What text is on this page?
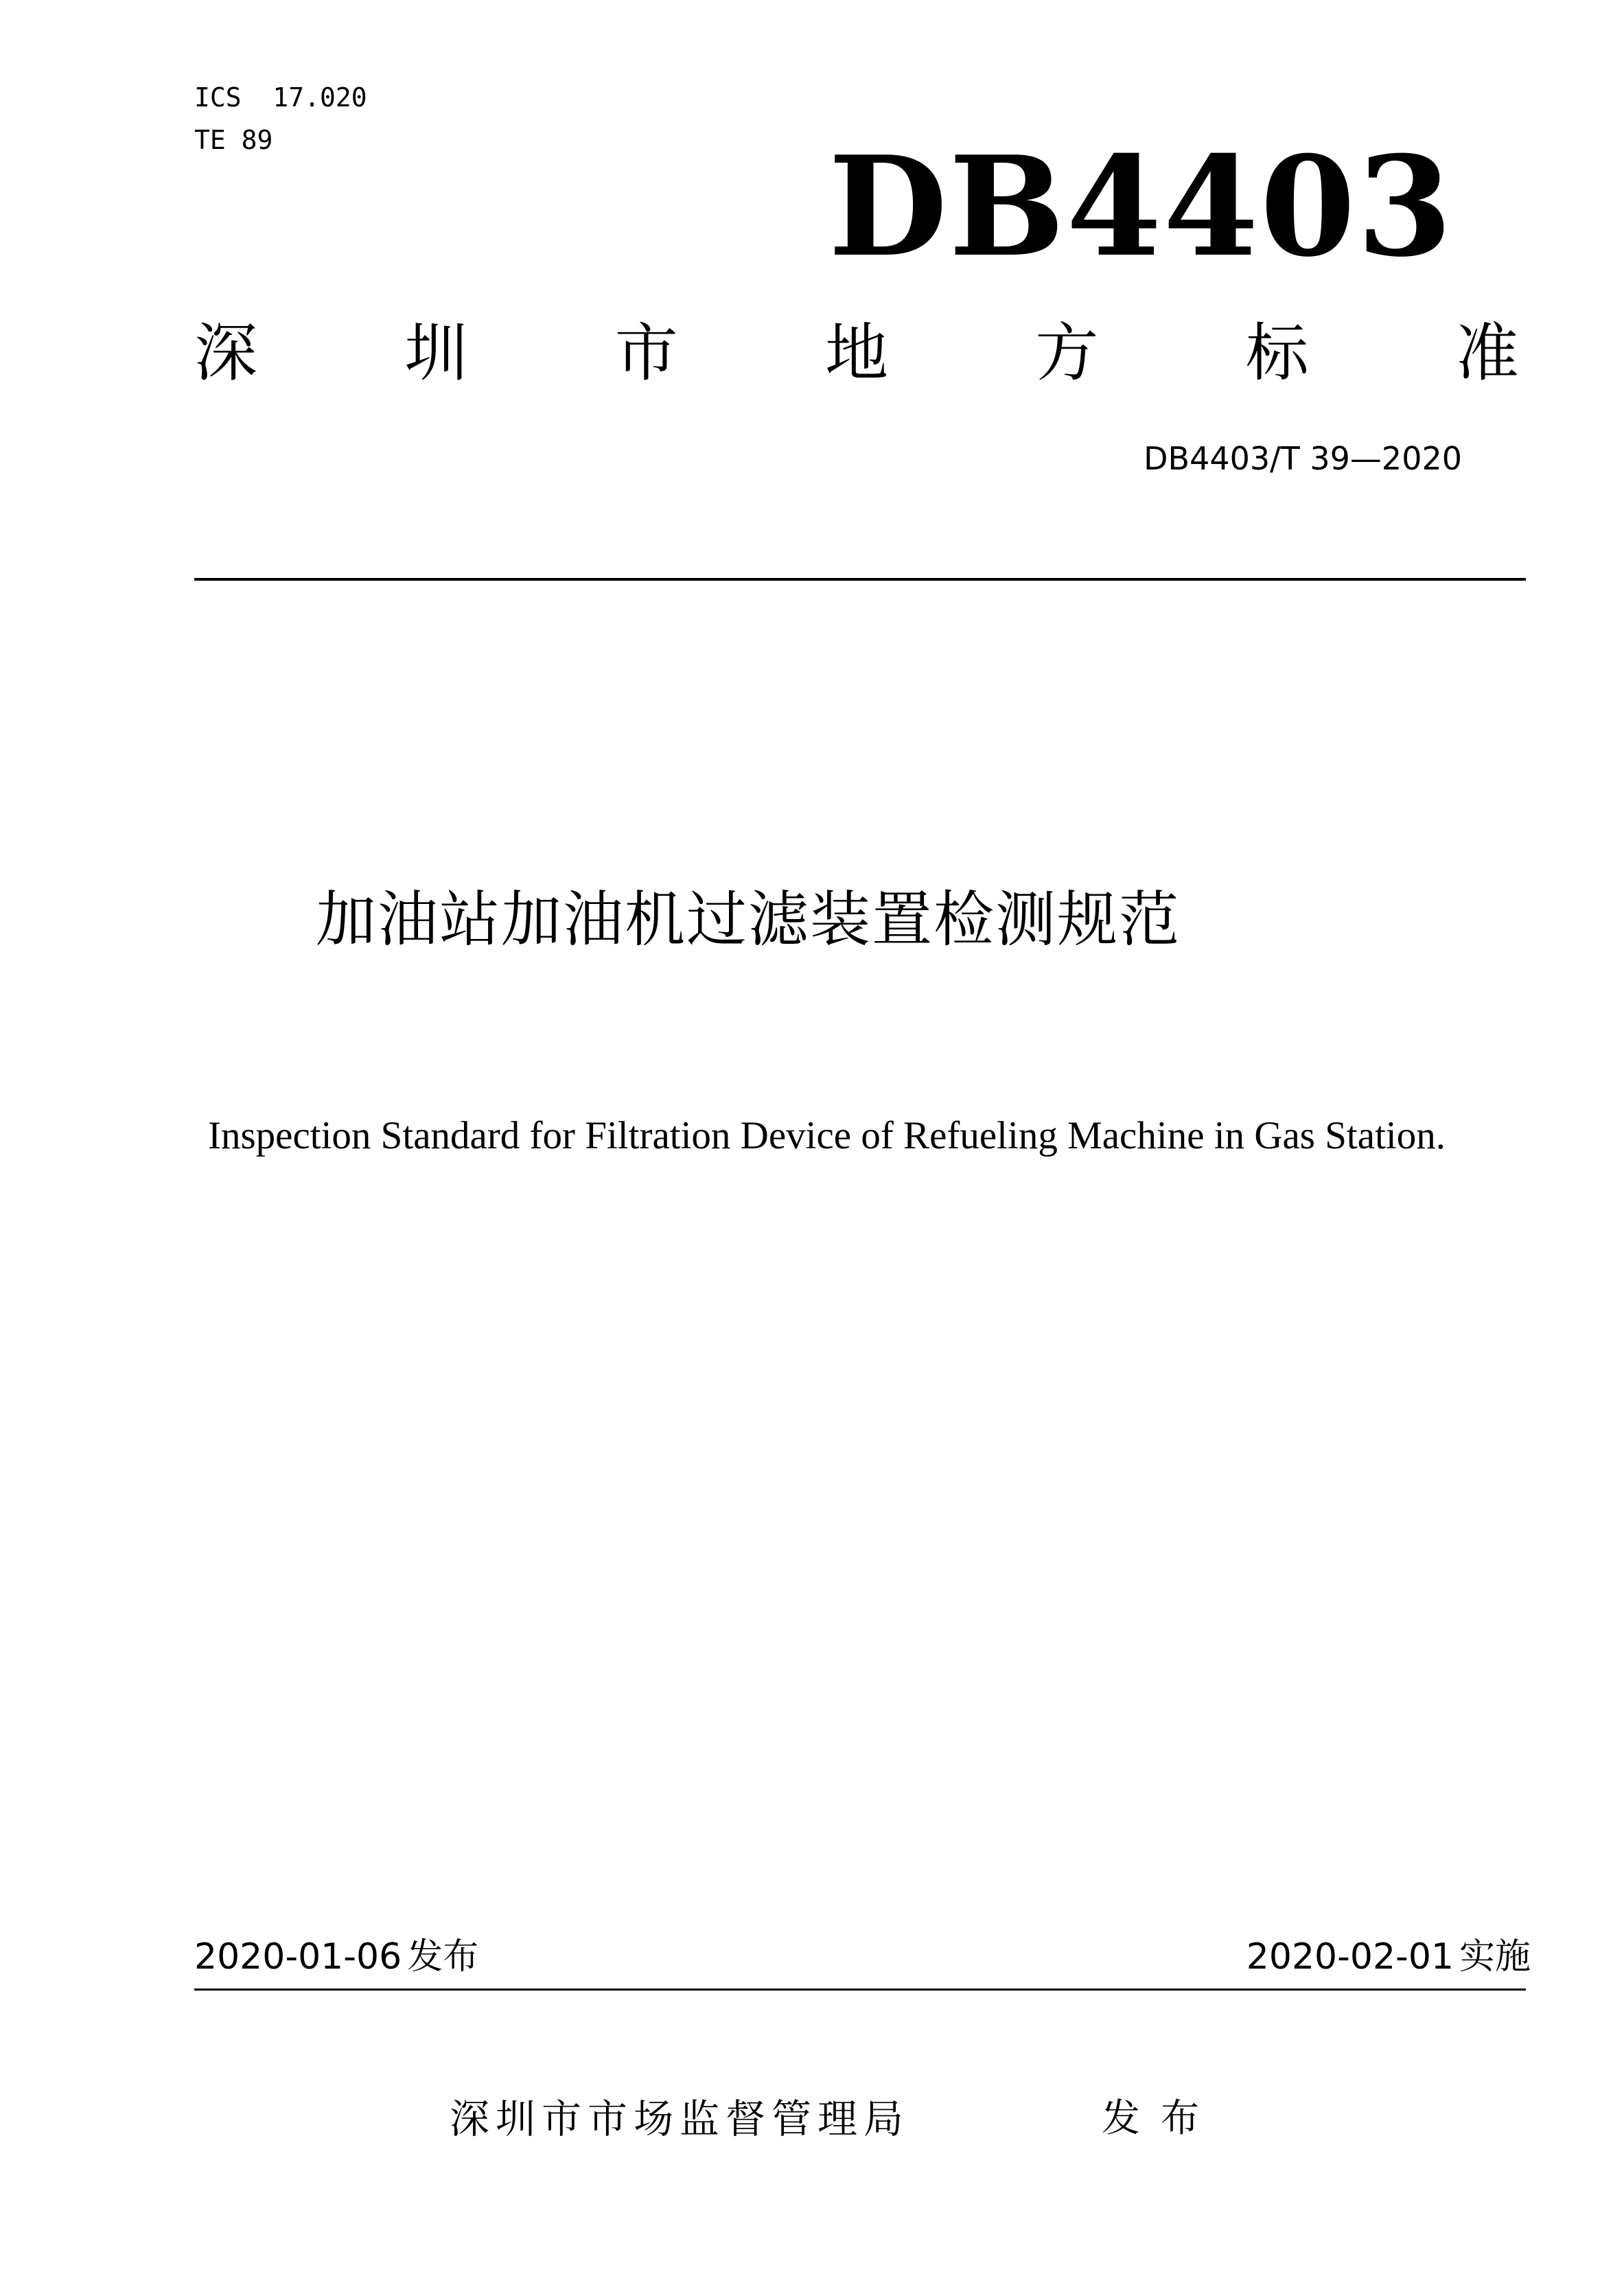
ICS  17.020
TE 89	DB4403
深 圳 市 地 方 标 准
DB4403/T 39—2020
加油站加油机过滤装置检测规范
Inspection Standard for Filtration Device of Refueling Machine in Gas Station.
2020-01-06 发布	2020-02-01 实施
深圳市市场监督管理局	发布
